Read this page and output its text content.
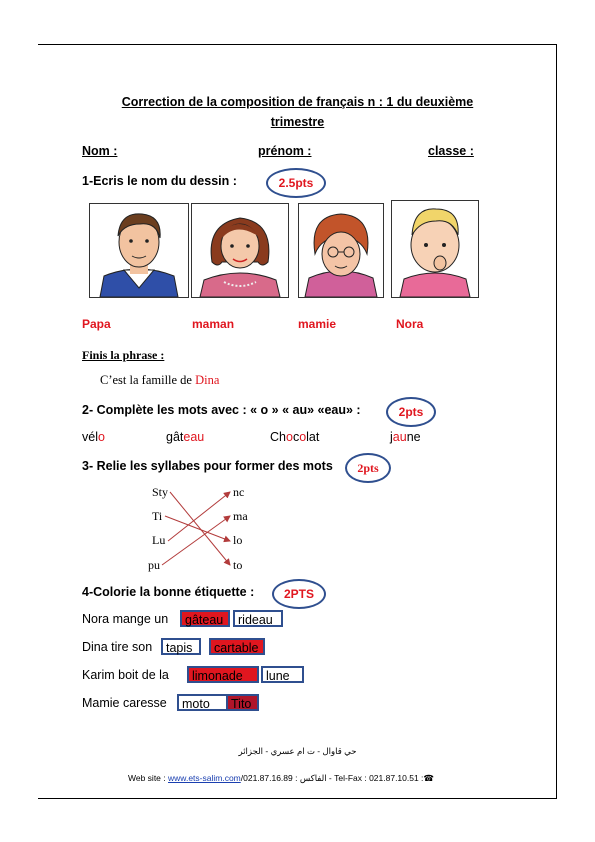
Correction de la composition de français n : 1 du deuxième
trimestre
Nom :	prénom :	classe :
1-Ecris le nom du dessin :	2.5pts
Papa	maman	mamie	Nora
Finis la phrase :
C’est la famille de Dina
2- Complète les mots avec : « o » « au» «eau» :	2pts
vélo	gâteau	Chocolat	jaune
3- Relie les syllabes pour former des mots	2pts
Sty
Ti
Lu
pu
nc
ma
lo
to
4-Colorie la bonne étiquette :	2PTS
Nora mange un	gâteau	rideau
Dina tire son	tapis	cartable
Karim boit de la	limonade	lune
Mamie caresse	moto	Tito
حي قاوال - ت ام عسري - الجزائر
Web site : www.ets-salim.com/021.87.16.89 : الفاكس - Tel-Fax : 021.87.10.51 :☎
